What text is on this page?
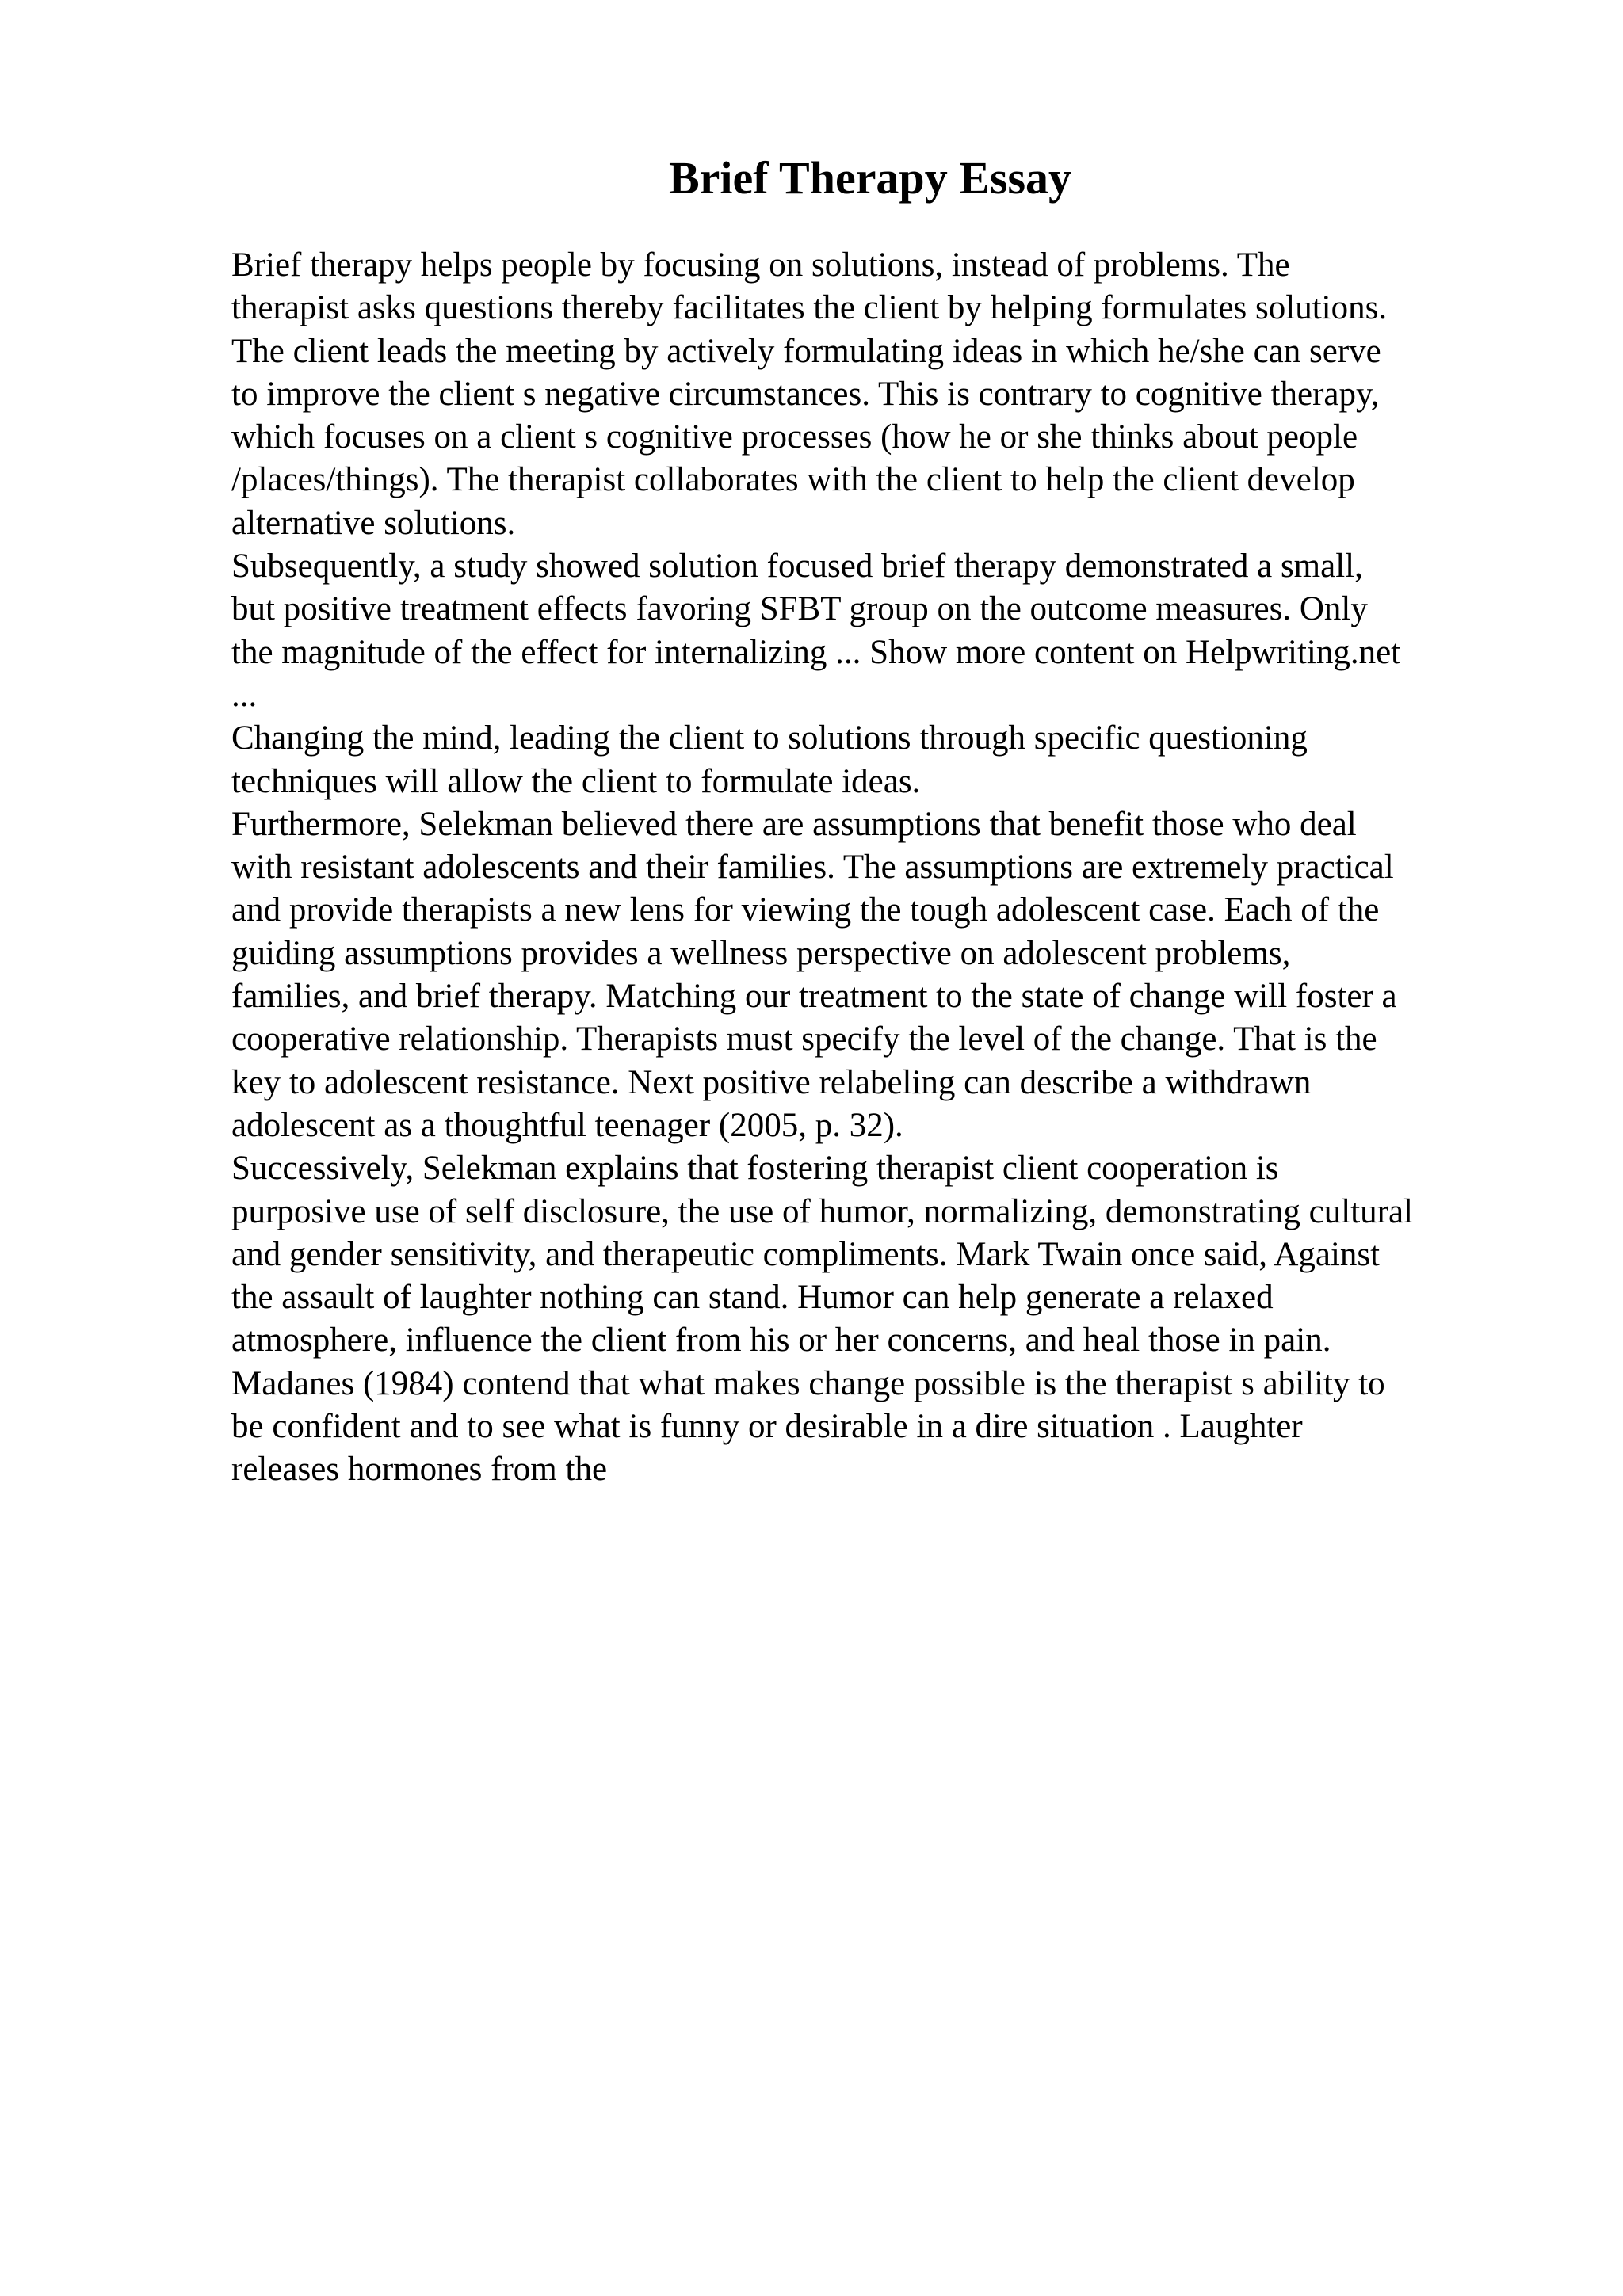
Brief Therapy Essay
Brief therapy helps people by focusing on solutions, instead of problems. The
therapist asks questions thereby facilitates the client by helping formulates solutions.
The client leads the meeting by actively formulating ideas in which he/she can serve
to improve the client s negative circumstances. This is contrary to cognitive therapy,
which focuses on a client s cognitive processes (how he or she thinks about people
/places/things). The therapist collaborates with the client to help the client develop
alternative solutions.
Subsequently, a study showed solution focused brief therapy demonstrated a small,
but positive treatment effects favoring SFBT group on the outcome measures. Only
the magnitude of the effect for internalizing ... Show more content on Helpwriting.net
...
Changing the mind, leading the client to solutions through specific questioning
techniques will allow the client to formulate ideas.
Furthermore, Selekman believed there are assumptions that benefit those who deal
with resistant adolescents and their families. The assumptions are extremely practical
and provide therapists a new lens for viewing the tough adolescent case. Each of the
guiding assumptions provides a wellness perspective on adolescent problems,
families, and brief therapy. Matching our treatment to the state of change will foster a
cooperative relationship. Therapists must specify the level of the change. That is the
key to adolescent resistance. Next positive relabeling can describe a withdrawn
adolescent as a thoughtful teenager (2005, p. 32).
Successively, Selekman explains that fostering therapist client cooperation is
purposive use of self disclosure, the use of humor, normalizing, demonstrating cultural
and gender sensitivity, and therapeutic compliments. Mark Twain once said, Against
the assault of laughter nothing can stand. Humor can help generate a relaxed
atmosphere, influence the client from his or her concerns, and heal those in pain.
Madanes (1984) contend that what makes change possible is the therapist s ability to
be confident and to see what is funny or desirable in a dire situation . Laughter
releases hormones from the
